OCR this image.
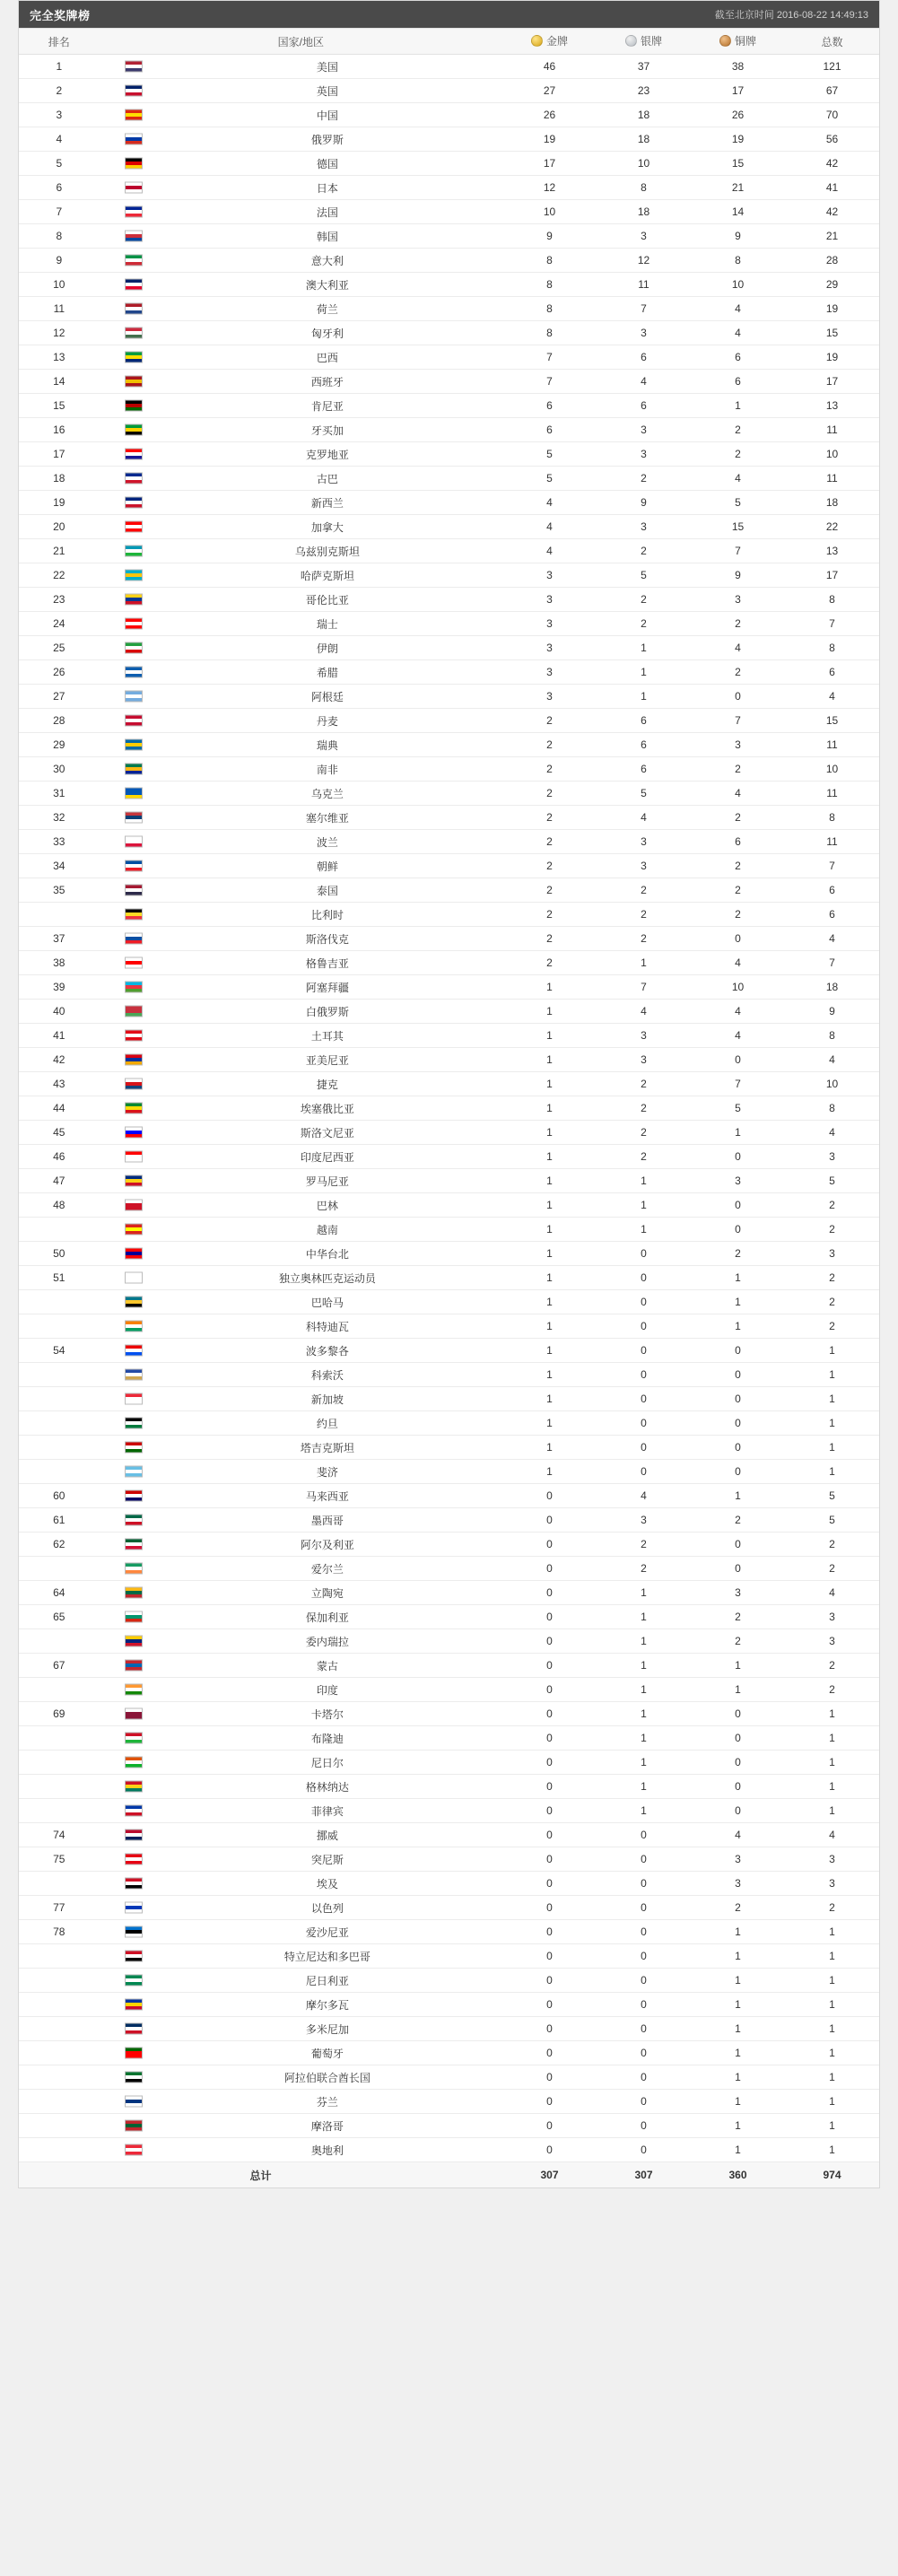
完全奖牌榜	截至北京时间 2016-08-22 14:49:13
排名	国家/地区	金牌	银牌	铜牌	总数
1	美国	46	37	38	121
2	英国	27	23	17	67
3	中国	26	18	26	70
4	俄罗斯	19	18	19	56
5	德国	17	10	15	42
6	日本	12	8	21	41
7	法国	10	18	14	42
8	韩国	9	3	9	21
9	意大利	8	12	8	28
10	澳大利亚	8	11	10	29
11	荷兰	8	7	4	19
12	匈牙利	8	3	4	15
13	巴西	7	6	6	19
14	西班牙	7	4	6	17
15	肯尼亚	6	6	1	13
16	牙买加	6	3	2	11
17	克罗地亚	5	3	2	10
18	古巴	5	2	4	11
19	新西兰	4	9	5	18
20	加拿大	4	3	15	22
21	乌兹别克斯坦	4	2	7	13
22	哈萨克斯坦	3	5	9	17
23	哥伦比亚	3	2	3	8
24	瑞士	3	2	2	7
25	伊朗	3	1	4	8
26	希腊	3	1	2	6
27	阿根廷	3	1	0	4
28	丹麦	2	6	7	15
29	瑞典	2	6	3	11
30	南非	2	6	2	10
31	乌克兰	2	5	4	11
32	塞尔维亚	2	4	2	8
33	波兰	2	3	6	11
34	朝鲜	2	3	2	7
35	泰国	2	2	2	6

比利时	2	2	2	6
37	斯洛伐克	2	2	0	4
38	格鲁吉亚	2	1	4	7
39	阿塞拜疆	1	7	10	18
40	白俄罗斯	1	4	4	9
41	土耳其	1	3	4	8
42	亚美尼亚	1	3	0	4
43	捷克	1	2	7	10
44	埃塞俄比亚	1	2	5	8
45	斯洛文尼亚	1	2	1	4
46	印度尼西亚	1	2	0	3
47	罗马尼亚	1	1	3	5
48	巴林	1	1	0	2

越南	1	1	0	2
50	中华台北	1	0	2	3
51	独立奥林匹克运动员	1	0	1	2

巴哈马	1	0	1	2

科特迪瓦	1	0	1	2
54	波多黎各	1	0	0	1

科索沃	1	0	0	1

新加坡	1	0	0	1

约旦	1	0	0	1

塔吉克斯坦	1	0	0	1

斐济	1	0	0	1
60	马来西亚	0	4	1	5
61	墨西哥	0	3	2	5
62	阿尔及利亚	0	2	0	2

爱尔兰	0	2	0	2
64	立陶宛	0	1	3	4
65	保加利亚	0	1	2	3

委内瑞拉	0	1	2	3
67	蒙古	0	1	1	2

印度	0	1	1	2
69	卡塔尔	0	1	0	1

布隆迪	0	1	0	1

尼日尔	0	1	0	1

格林纳达	0	1	0	1

菲律宾	0	1	0	1
74	挪威	0	0	4	4
75	突尼斯	0	0	3	3

埃及	0	0	3	3
77	以色列	0	0	2	2
78	爱沙尼亚	0	0	1	1

特立尼达和多巴哥	0	0	1	1

尼日利亚	0	0	1	1

摩尔多瓦	0	0	1	1

多米尼加	0	0	1	1

葡萄牙	0	0	1	1

阿拉伯联合酋长国	0	0	1	1

芬兰	0	0	1	1

摩洛哥	0	0	1	1

奥地利	0	0	1	1
总计		307	307	360	974
